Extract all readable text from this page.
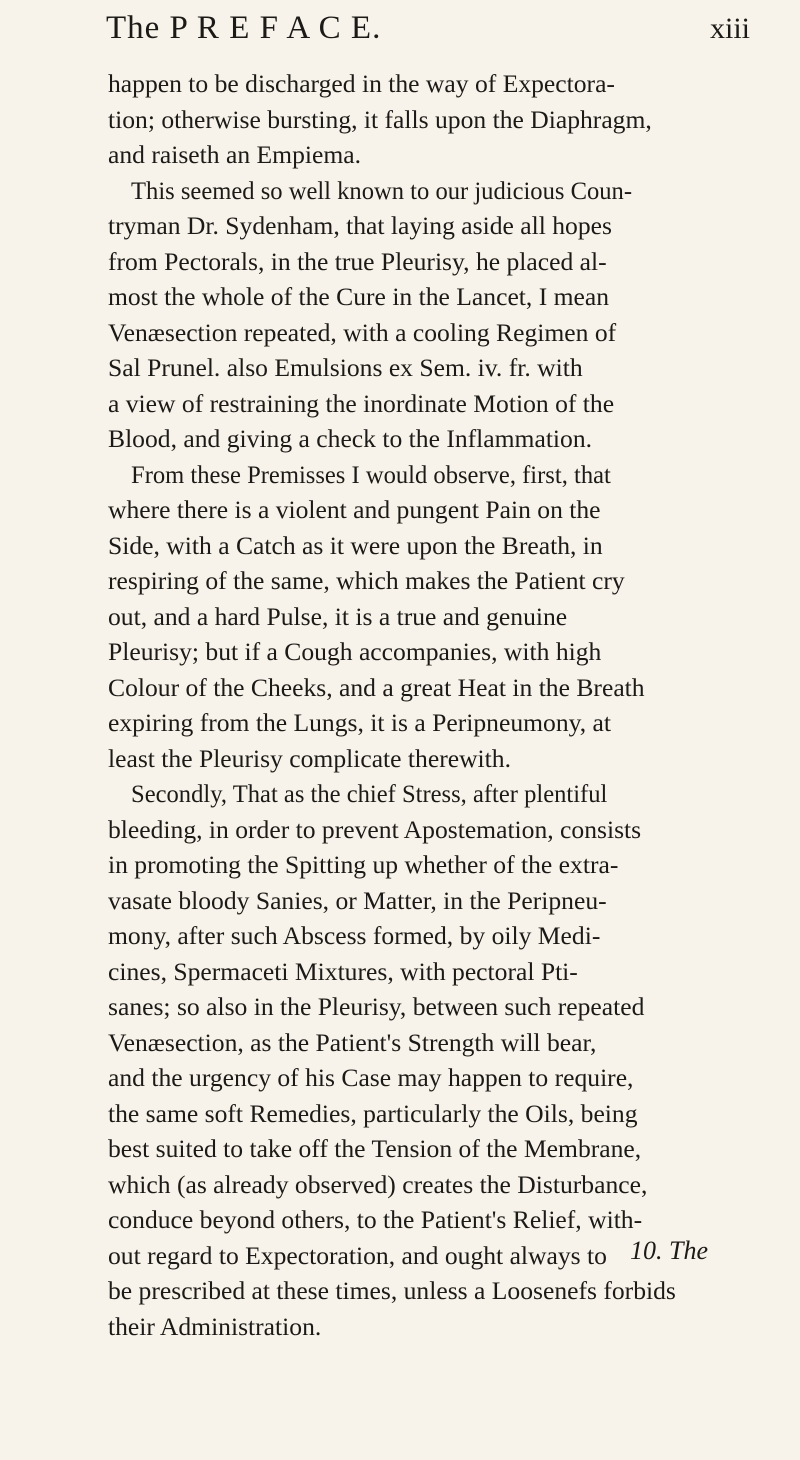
The P R E F A C E.	xiii
happen to be discharged in the way of Expectora-
tion; otherwise bursting, it falls upon the Diaphragm,
and raiseth an Empiema.
This seemed so well known to our judicious Coun-
tryman Dr. Sydenham, that laying aside all hopes
from Pectorals, in the true Pleurisy, he placed al-
most the whole of the Cure in the Lancet, I mean
Venæsection repeated, with a cooling Regimen of
Sal Prunel. also Emulsions ex Sem. iv. fr. with
a view of restraining the inordinate Motion of the
Blood, and giving a check to the Inflammation.
From these Premisses I would observe, first, that
where there is a violent and pungent Pain on the
Side, with a Catch as it were upon the Breath, in
respiring of the same, which makes the Patient cry
out, and a hard Pulse, it is a true and genuine
Pleurisy; but if a Cough accompanies, with high
Colour of the Cheeks, and a great Heat in the Breath
expiring from the Lungs, it is a Peripneumony, at
least the Pleurisy complicate therewith.
Secondly, That as the chief Stress, after plentiful
bleeding, in order to prevent Apostemation, consists
in promoting the Spitting up whether of the extra-
vasate bloody Sanies, or Matter, in the Peripneu-
mony, after such Abscess formed, by oily Medi-
cines, Spermaceti Mixtures, with pectoral Pti-
sanes; so also in the Pleurisy, between such repeated
Venæsection, as the Patient's Strength will bear,
and the urgency of his Case may happen to require,
the same soft Remedies, particularly the Oils, being
best suited to take off the Tension of the Membrane,
which (as already observed) creates the Disturbance,
conduce beyond others, to the Patient's Relief, with-
out regard to Expectoration, and ought always to
be prescribed at these times, unless a Loosenefs forbids
their Administration.
10. The
